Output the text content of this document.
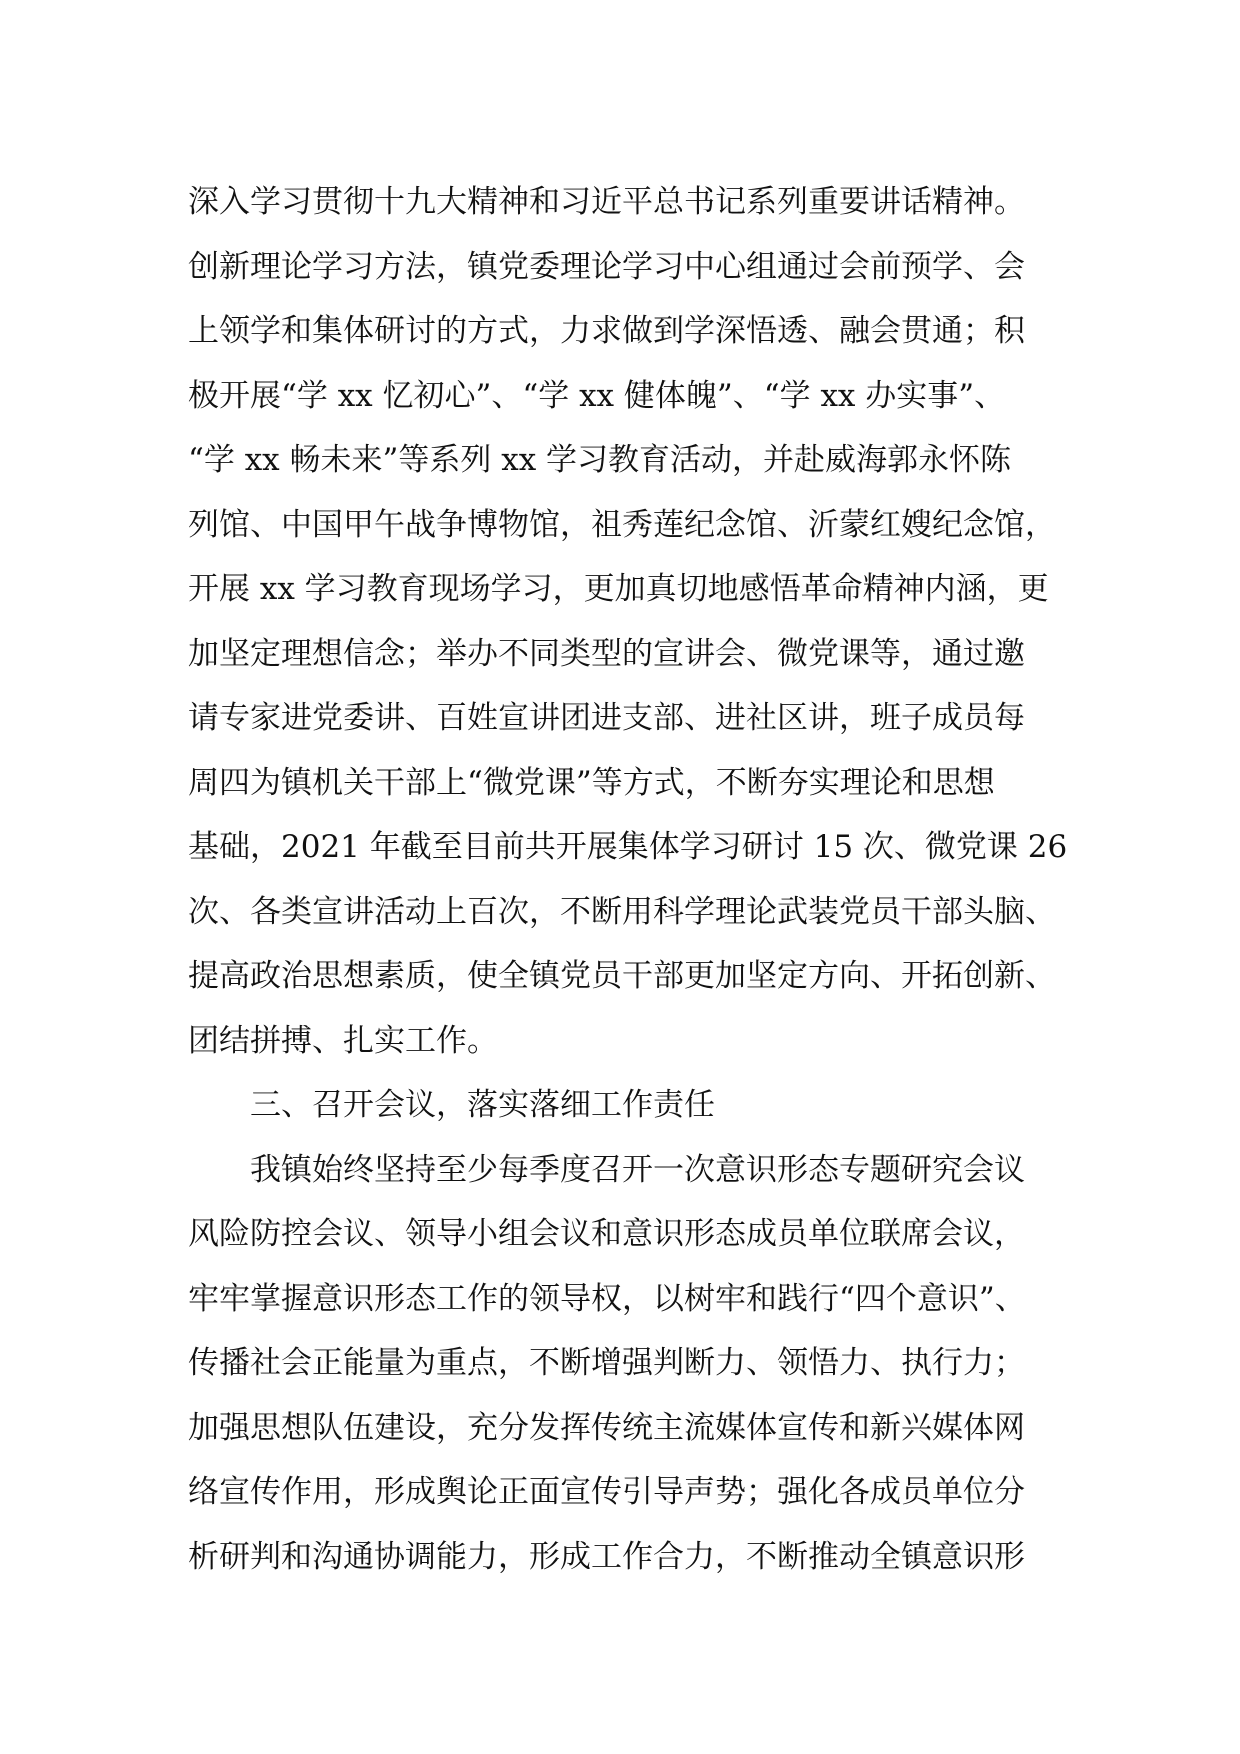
深入学习贯彻十九大精神和习近平总书记系列重要讲话精神。
创新理论学习方法，镇党委理论学习中心组通过会前预学、会
上领学和集体研讨的方式，力求做到学深悟透、融会贯通；积
极开展“学 xx 忆初心”、“学 xx 健体魄”、“学 xx 办实事”、
“学 xx 畅未来”等系列 xx 学习教育活动，并赴威海郭永怀陈
列馆、中国甲午战争博物馆，祖秀莲纪念馆、沂蒙红嫂纪念馆，
开展 xx 学习教育现场学习，更加真切地感悟革命精神内涵，更
加坚定理想信念；举办不同类型的宣讲会、微党课等，通过邀
请专家进党委讲、百姓宣讲团进支部、进社区讲，班子成员每
周四为镇机关干部上“微党课”等方式，不断夯实理论和思想
基础，2021 年截至目前共开展集体学习研讨 15 次、微党课 26
次、各类宣讲活动上百次，不断用科学理论武装党员干部头脑、
提高政治思想素质，使全镇党员干部更加坚定方向、开拓创新、
团结拼搏、扎实工作。
三、召开会议，落实落细工作责任
我镇始终坚持至少每季度召开一次意识形态专题研究会议
风险防控会议、领导小组会议和意识形态成员单位联席会议，
牢牢掌握意识形态工作的领导权，以树牢和践行“四个意识”、
传播社会正能量为重点，不断增强判断力、领悟力、执行力；
加强思想队伍建设，充分发挥传统主流媒体宣传和新兴媒体网
络宣传作用，形成舆论正面宣传引导声势；强化各成员单位分
析研判和沟通协调能力，形成工作合力，不断推动全镇意识形
